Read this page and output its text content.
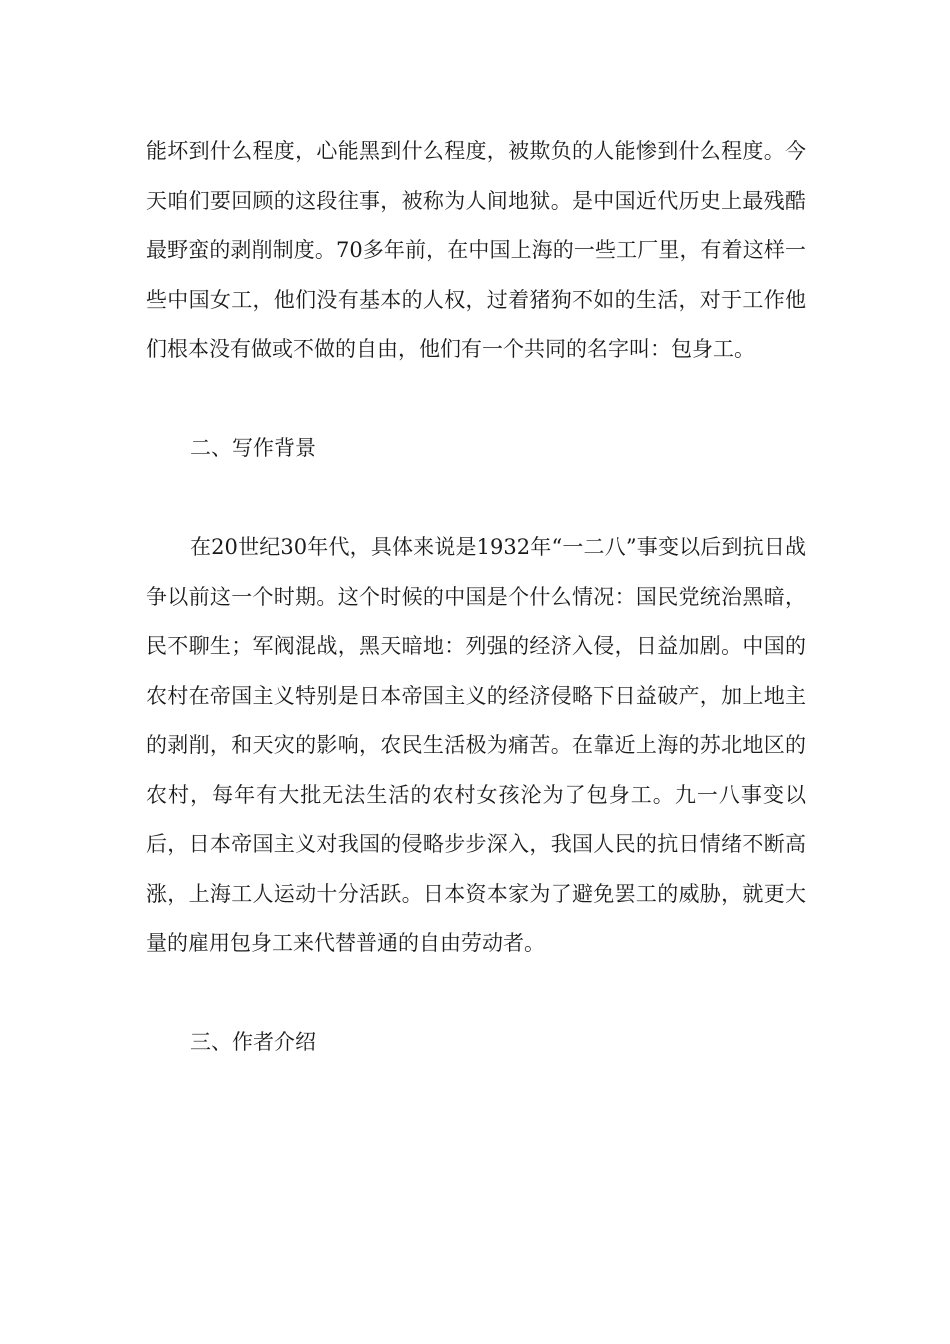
能坏到什么程度，心能黑到什么程度，被欺负的人能惨到什么程度。今天咱们要回顾的这段往事，被称为人间地狱。是中国近代历史上最残酷最野蛮的剥削制度。70多年前，在中国上海的一些工厂里，有着这样一些中国女工，他们没有基本的人权，过着猪狗不如的生活，对于工作他们根本没有做或不做的自由，他们有一个共同的名字叫：包身工。

二、写作背景

在20世纪30年代，具体来说是1932年“一二八”事变以后到抗日战争以前这一个时期。这个时候的中国是个什么情况：国民党统治黑暗，民不聊生；军阀混战，黑天暗地：列强的经济入侵，日益加剧。中国的农村在帝国主义特别是日本帝国主义的经济侵略下日益破产，加上地主的剥削，和天灾的影响，农民生活极为痛苦。在靠近上海的苏北地区的农村，每年有大批无法生活的农村女孩沦为了包身工。九一八事变以后，日本帝国主义对我国的侵略步步深入，我国人民的抗日情绪不断高涨，上海工人运动十分活跃。日本资本家为了避免罢工的威胁，就更大量的雇用包身工来代替普通的自由劳动者。

三、作者介绍
